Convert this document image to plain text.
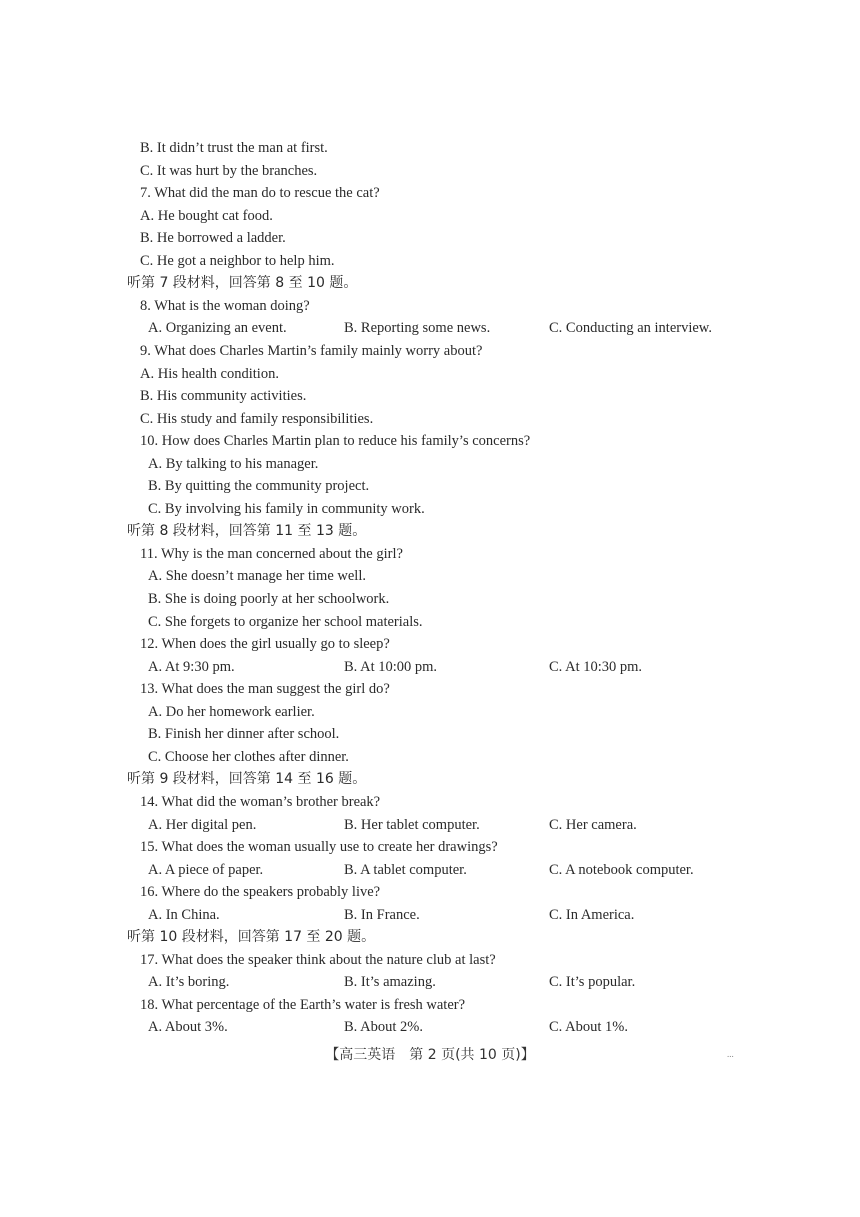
B. It didn’t trust the man at first.
C. It was hurt by the branches.
7. What did the man do to rescue the cat?
A. He bought cat food.
B. He borrowed a ladder.
C. He got a neighbor to help him.
听第 7 段材料，回答第 8 至 10 题。
8. What is the woman doing?
A. Organizing an event.	B. Reporting some news.	C. Conducting an interview.
9. What does Charles Martin’s family mainly worry about?
A. His health condition.
B. His community activities.
C. His study and family responsibilities.
10. How does Charles Martin plan to reduce his family’s concerns?
A. By talking to his manager.
B. By quitting the community project.
C. By involving his family in community work.
听第 8 段材料，回答第 11 至 13 题。
11. Why is the man concerned about the girl?
A. She doesn’t manage her time well.
B. She is doing poorly at her schoolwork.
C. She forgets to organize her school materials.
12. When does the girl usually go to sleep?
A. At 9:30 pm.	B. At 10:00 pm.	C. At 10:30 pm.
13. What does the man suggest the girl do?
A. Do her homework earlier.
B. Finish her dinner after school.
C. Choose her clothes after dinner.
听第 9 段材料，回答第 14 至 16 题。
14. What did the woman’s brother break?
A. Her digital pen.	B. Her tablet computer.	C. Her camera.
15. What does the woman usually use to create her drawings?
A. A piece of paper.	B. A tablet computer.	C. A notebook computer.
16. Where do the speakers probably live?
A. In China.	B. In France.	C. In America.
听第 10 段材料，回答第 17 至 20 题。
17. What does the speaker think about the nature club at last?
A. It’s boring.	B. It’s amazing.	C. It’s popular.
18. What percentage of the Earth’s water is fresh water?
A. About 3%.	B. About 2%.	C. About 1%.
【高三英语　第 2 页(共 10 页)】	...
